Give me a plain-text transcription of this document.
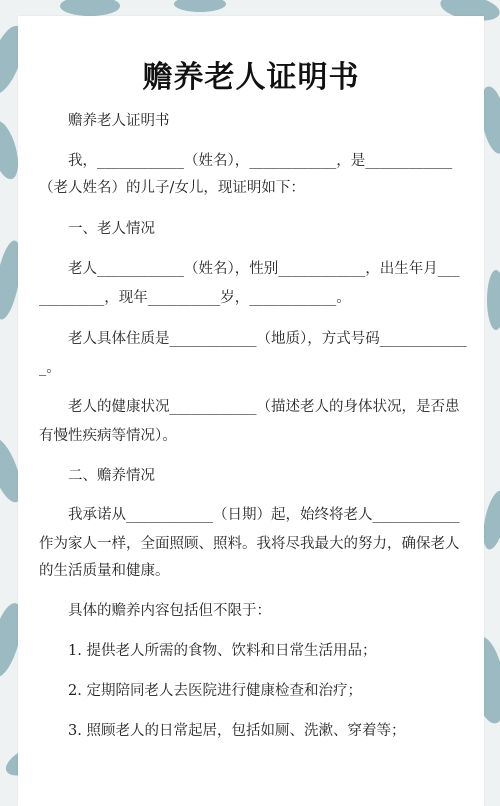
赡养老人证明书

赡养老人证明书

我，____________（姓名），____________，是____________

（老人姓名）的儿子/女儿，现证明如下：

一、老人情况

老人____________（姓名），性别____________，出生年月___

_________，现年__________岁，____________。

老人具体住质是____________（地质），方式号码____________

_。

老人的健康状况____________（描述老人的身体状况，是否患

有慢性疾病等情况）。

二、赡养情况

我承诺从____________（日期）起，始终将老人____________

作为家人一样，全面照顾、照料。我将尽我最大的努力，确保老人

的生活质量和健康。

具体的赡养内容包括但不限于：

1. 提供老人所需的食物、饮料和日常生活用品；

2. 定期陪同老人去医院进行健康检查和治疗；

3. 照顾老人的日常起居，包括如厕、洗漱、穿着等；
